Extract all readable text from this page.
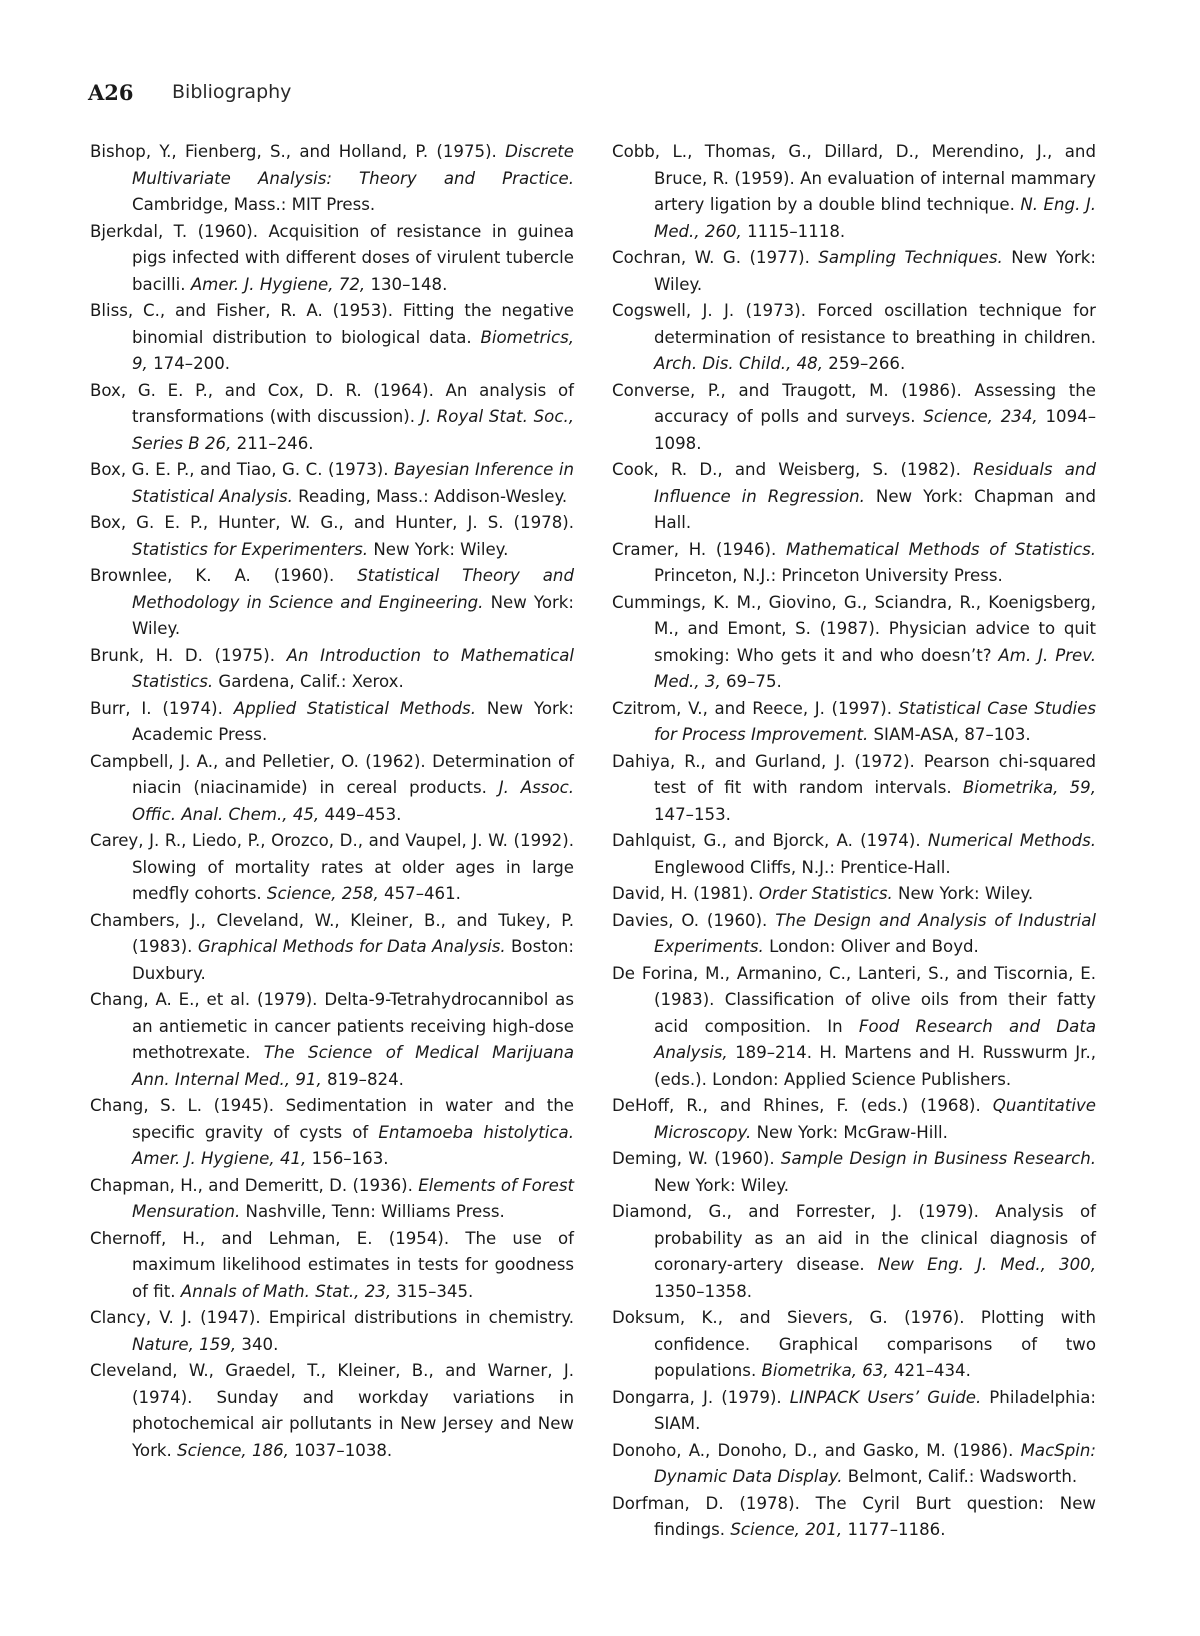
A26 Bibliography

Bishop, Y., Fienberg, S., and Holland, P. (1975). Discrete Multivariate Analysis: Theory and Practice. Cambridge, Mass.: MIT Press.

Bjerkdal, T. (1960). Acquisition of resistance in guinea pigs infected with different doses of virulent tubercle bacilli. Amer. J. Hygiene, 72, 130–148.

Bliss, C., and Fisher, R. A. (1953). Fitting the negative binomial distribution to biological data. Biometrics, 9, 174–200.

Box, G. E. P., and Cox, D. R. (1964). An analysis of transformations (with discussion). J. Royal Stat. Soc., Series B 26, 211–246.

Box, G. E. P., and Tiao, G. C. (1973). Bayesian Inference in Statistical Analysis. Reading, Mass.: Addison-Wesley.

Box, G. E. P., Hunter, W. G., and Hunter, J. S. (1978). Statistics for Experimenters. New York: Wiley.

Brownlee, K. A. (1960). Statistical Theory and Methodology in Science and Engineering. New York: Wiley.

Brunk, H. D. (1975). An Introduction to Mathematical Statistics. Gardena, Calif.: Xerox.

Burr, I. (1974). Applied Statistical Methods. New York: Academic Press.

Campbell, J. A., and Pelletier, O. (1962). Determination of niacin (niacinamide) in cereal products. J. Assoc. Offic. Anal. Chem., 45, 449–453.

Carey, J. R., Liedo, P., Orozco, D., and Vaupel, J. W. (1992). Slowing of mortality rates at older ages in large medfly cohorts. Science, 258, 457–461.

Chambers, J., Cleveland, W., Kleiner, B., and Tukey, P. (1983). Graphical Methods for Data Analysis. Boston: Duxbury.

Chang, A. E., et al. (1979). Delta-9-Tetrahydrocannibol as an antiemetic in cancer patients receiving high-dose methotrexate. The Science of Medical Marijuana Ann. Internal Med., 91, 819–824.

Chang, S. L. (1945). Sedimentation in water and the specific gravity of cysts of Entamoeba histolytica. Amer. J. Hygiene, 41, 156–163.

Chapman, H., and Demeritt, D. (1936). Elements of Forest Mensuration. Nashville, Tenn: Williams Press.

Chernoff, H., and Lehman, E. (1954). The use of maximum likelihood estimates in tests for goodness of fit. Annals of Math. Stat., 23, 315–345.

Clancy, V. J. (1947). Empirical distributions in chemistry. Nature, 159, 340.

Cleveland, W., Graedel, T., Kleiner, B., and Warner, J. (1974). Sunday and workday variations in photochemical air pollutants in New Jersey and New York. Science, 186, 1037–1038.

Cobb, L., Thomas, G., Dillard, D., Merendino, J., and Bruce, R. (1959). An evaluation of internal mammary artery ligation by a double blind technique. N. Eng. J. Med., 260, 1115–1118.

Cochran, W. G. (1977). Sampling Techniques. New York: Wiley.

Cogswell, J. J. (1973). Forced oscillation technique for determination of resistance to breathing in children. Arch. Dis. Child., 48, 259–266.

Converse, P., and Traugott, M. (1986). Assessing the accuracy of polls and surveys. Science, 234, 1094–1098.

Cook, R. D., and Weisberg, S. (1982). Residuals and Influence in Regression. New York: Chapman and Hall.

Cramer, H. (1946). Mathematical Methods of Statistics. Princeton, N.J.: Princeton University Press.

Cummings, K. M., Giovino, G., Sciandra, R., Koenigsberg, M., and Emont, S. (1987). Physician advice to quit smoking: Who gets it and who doesn’t? Am. J. Prev. Med., 3, 69–75.

Czitrom, V., and Reece, J. (1997). Statistical Case Studies for Process Improvement. SIAM-ASA, 87–103.

Dahiya, R., and Gurland, J. (1972). Pearson chi-squared test of fit with random intervals. Biometrika, 59, 147–153.

Dahlquist, G., and Bjorck, A. (1974). Numerical Methods. Englewood Cliffs, N.J.: Prentice-Hall.

David, H. (1981). Order Statistics. New York: Wiley.

Davies, O. (1960). The Design and Analysis of Industrial Experiments. London: Oliver and Boyd.

De Forina, M., Armanino, C., Lanteri, S., and Tiscornia, E. (1983). Classification of olive oils from their fatty acid composition. In Food Research and Data Analysis, 189–214. H. Martens and H. Russwurm Jr., (eds.). London: Applied Science Publishers.

DeHoff, R., and Rhines, F. (eds.) (1968). Quantitative Microscopy. New York: McGraw-Hill.

Deming, W. (1960). Sample Design in Business Research. New York: Wiley.

Diamond, G., and Forrester, J. (1979). Analysis of probability as an aid in the clinical diagnosis of coronary-artery disease. New Eng. J. Med., 300, 1350–1358.

Doksum, K., and Sievers, G. (1976). Plotting with confidence. Graphical comparisons of two populations. Biometrika, 63, 421–434.

Dongarra, J. (1979). LINPACK Users’ Guide. Philadelphia: SIAM.

Donoho, A., Donoho, D., and Gasko, M. (1986). MacSpin: Dynamic Data Display. Belmont, Calif.: Wadsworth.

Dorfman, D. (1978). The Cyril Burt question: New findings. Science, 201, 1177–1186.
